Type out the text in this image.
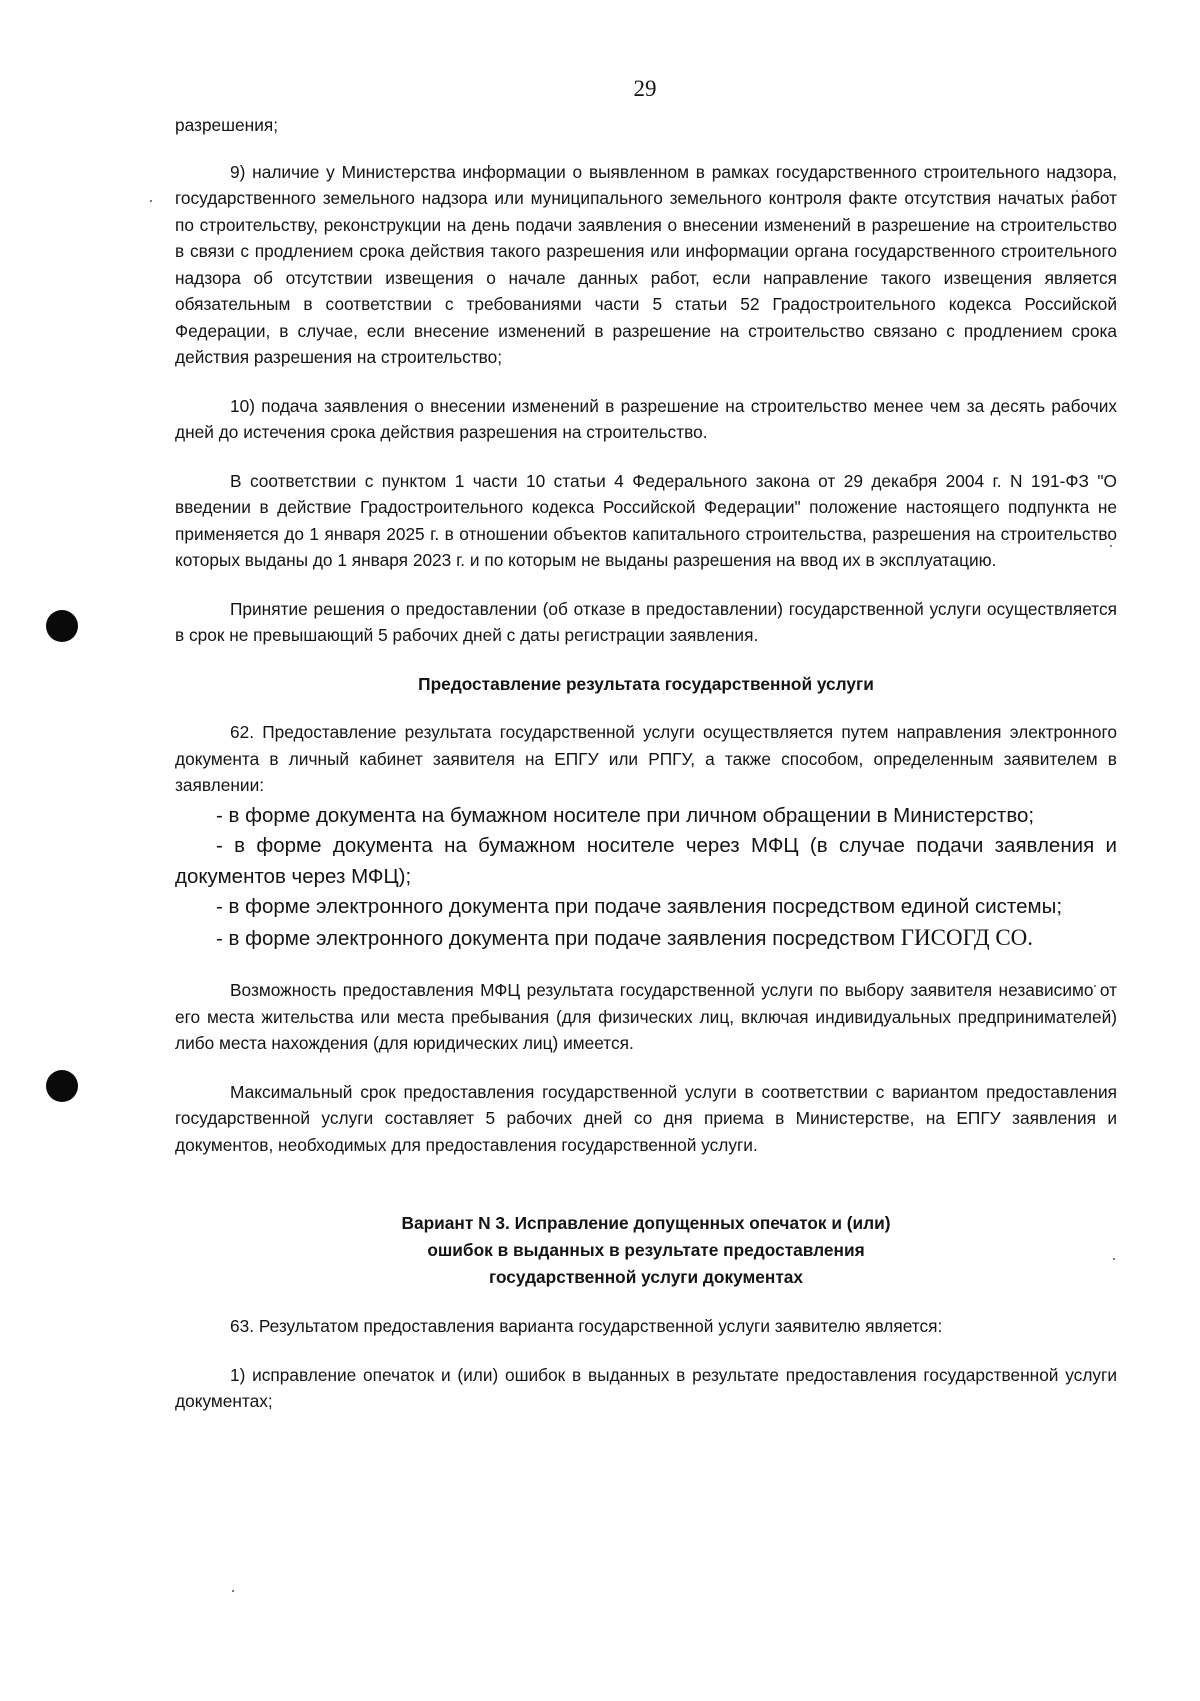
29

разрешения;

9) наличие у Министерства информации о выявленном в рамках государственного строительного надзора, государственного земельного надзора или муниципального земельного контроля факте отсутствия начатых работ по строительству, реконструкции на день подачи заявления о внесении изменений в разрешение на строительство в связи с продлением срока действия такого разрешения или информации органа государственного строительного надзора об отсутствии извещения о начале данных работ, если направление такого извещения является обязательным в соответствии с требованиями части 5 статьи 52 Градостроительного кодекса Российской Федерации, в случае, если внесение изменений в разрешение на строительство связано с продлением срока действия разрешения на строительство;

10) подача заявления о внесении изменений в разрешение на строительство менее чем за десять рабочих дней до истечения срока действия разрешения на строительство.

В соответствии с пунктом 1 части 10 статьи 4 Федерального закона от 29 декабря 2004 г. N 191-ФЗ "О введении в действие Градостроительного кодекса Российской Федерации" положение настоящего подпункта не применяется до 1 января 2025 г. в отношении объектов капитального строительства, разрешения на строительство которых выданы до 1 января 2023 г. и по которым не выданы разрешения на ввод их в эксплуатацию.

Принятие решения о предоставлении (об отказе в предоставлении) государственной услуги осуществляется в срок не превышающий 5 рабочих дней с даты регистрации заявления.

Предоставление результата государственной услуги

62. Предоставление результата государственной услуги осуществляется путем направления электронного документа в личный кабинет заявителя на ЕПГУ или РПГУ, а также способом, определенным заявителем в заявлении:

- в форме документа на бумажном носителе при личном обращении в Министерство;

- в форме документа на бумажном носителе через МФЦ (в случае подачи заявления и документов через МФЦ);

- в форме электронного документа при подаче заявления посредством единой системы;

- в форме электронного документа при подаче заявления посредством ГИСОГД СО.

Возможность предоставления МФЦ результата государственной услуги по выбору заявителя независимо от его места жительства или места пребывания (для физических лиц, включая индивидуальных предпринимателей) либо места нахождения (для юридических лиц) имеется.

Максимальный срок предоставления государственной услуги в соответствии с вариантом предоставления государственной услуги составляет 5 рабочих дней со дня приема в Министерстве, на ЕПГУ заявления и документов, необходимых для предоставления государственной услуги.

Вариант N 3. Исправление допущенных опечаток и (или)
ошибок в выданных в результате предоставления
государственной услуги документах

63. Результатом предоставления варианта государственной услуги заявителю является:

1) исправление опечаток и (или) ошибок в выданных в результате предоставления государственной услуги документах;
